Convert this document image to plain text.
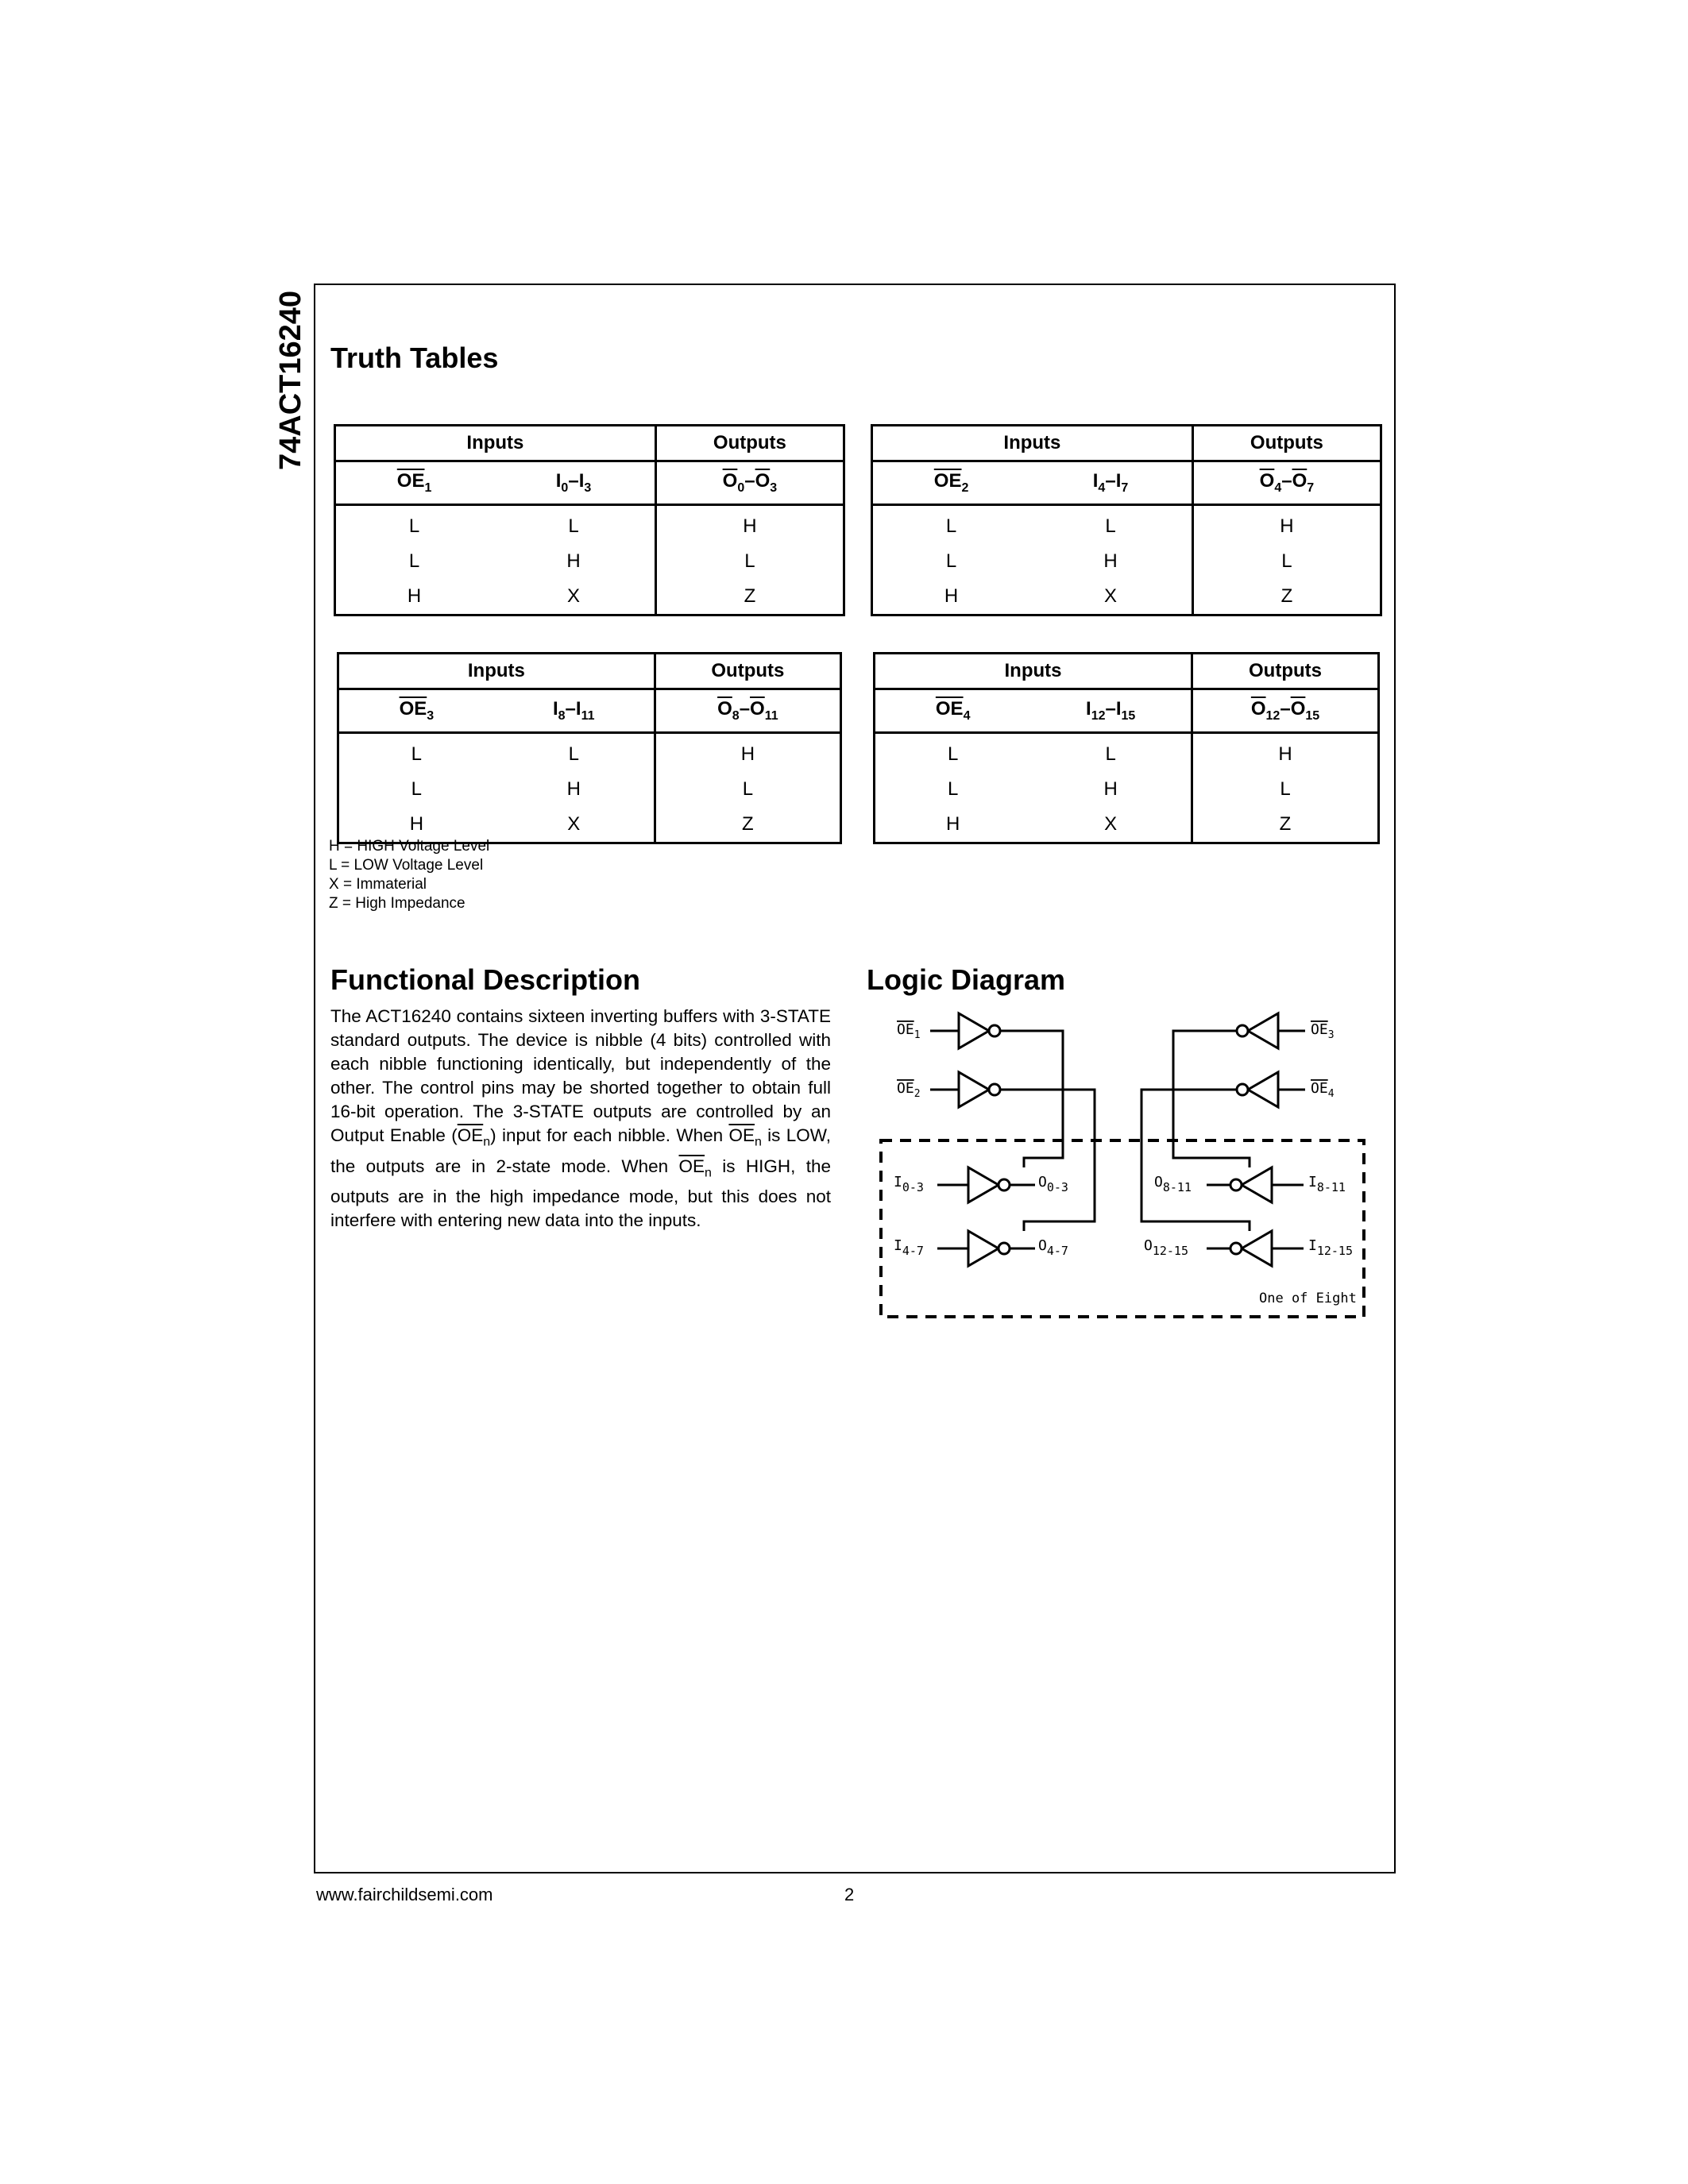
74ACT16240 Truth Tables
Inputs		Outputs
$\overline{OE}_1$	$I_0-I_3$	$\overline{O}_0-\overline{O}_3$
L	L	H
L	H	L
H	X	Z
Inputs		Outputs
$\overline{OE}_2$	$I_4-I_7$	$\overline{O}_4-\overline{O}_7$
L	L	H
L	H	L
H	X	Z
Inputs		Outputs
$\overline{OE}_3$	$I_8-I_{11}$	$\overline{O}_8-\overline{O}_{11}$
L	L	H
L	H	L
H	X	Z
Inputs		Outputs
$\overline{OE}_4$	$I_{12}-I_{15}$	$\overline{O}_{12}-\overline{O}_{15}$
L	L	H
L	H	L
H	X	Z
H = HIGH Voltage Level
L = LOW Voltage Level
X = Immaterial
Z = High Impedance
Functional Description
The ACT16240 contains sixteen inverting buffers with 3-STATE standard outputs. The device is nibble (4 bits) controlled with each nibble functioning identically, but independently of the other. The control pins may be shorted together to obtain full 16-bit operation. The 3-STATE outputs are controlled by an Output Enable $(\overline{OE}_n)$ input for each nibble. When $\overline{OE}_n$ is LOW, the outputs are in 2-state mode. When $\overline{OE}_n$ is HIGH, the outputs are in the high impedance mode, but this does not interfere with entering new data into the inputs.
Logic Diagram
$OE_1$
$OE_2$
$OE_3$
$OE_4$
$I_{0-3}$	$O_{0-3}$
$I_{4-7}$	$O_{4-7}$
$O_{8-11}$	$I_{8-11}$
$O_{12-15}$	$I_{12-15}$
One of Eight
www.fairchildsemi.com	2
